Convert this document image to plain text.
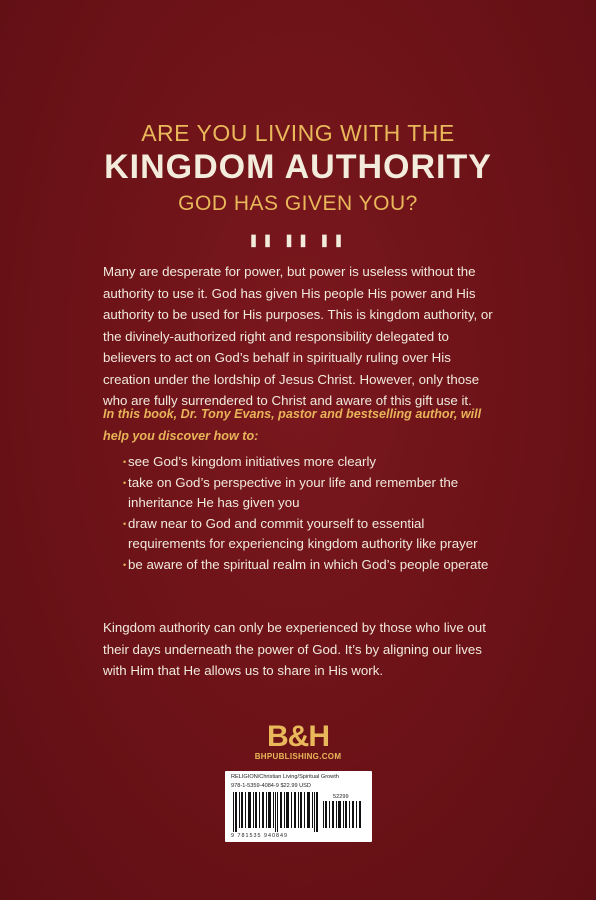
ARE YOU LIVING WITH THE
KINGDOM AUTHORITY
GOD HAS GIVEN YOU?
❚❚ ❚❚ ❚❚
Many are desperate for power, but power is useless without the authority to use it. God has given His people His power and His authority to be used for His purposes. This is kingdom authority, or the divinely-authorized right and responsibility delegated to believers to act on God’s behalf in spiritually ruling over His creation under the lordship of Jesus Christ. However, only those who are fully surrendered to Christ and aware of this gift use it.
In this book, Dr. Tony Evans, pastor and bestselling author, will help you discover how to:
• see God’s kingdom initiatives more clearly
• take on God’s perspective in your life and remember the inheritance He has given you
• draw near to God and commit yourself to essential requirements for experiencing kingdom authority like prayer
• be aware of the spiritual realm in which God’s people operate
Kingdom authority can only be experienced by those who live out their days underneath the power of God. It’s by aligning our lives with Him that He allows us to share in His work.
B&H
BHPUBLISHING.COM
RELIGION/Christian Living/Spiritual Growth
978-1-5359-4084-9 $22.99 USD
52299
9 781535 940849
